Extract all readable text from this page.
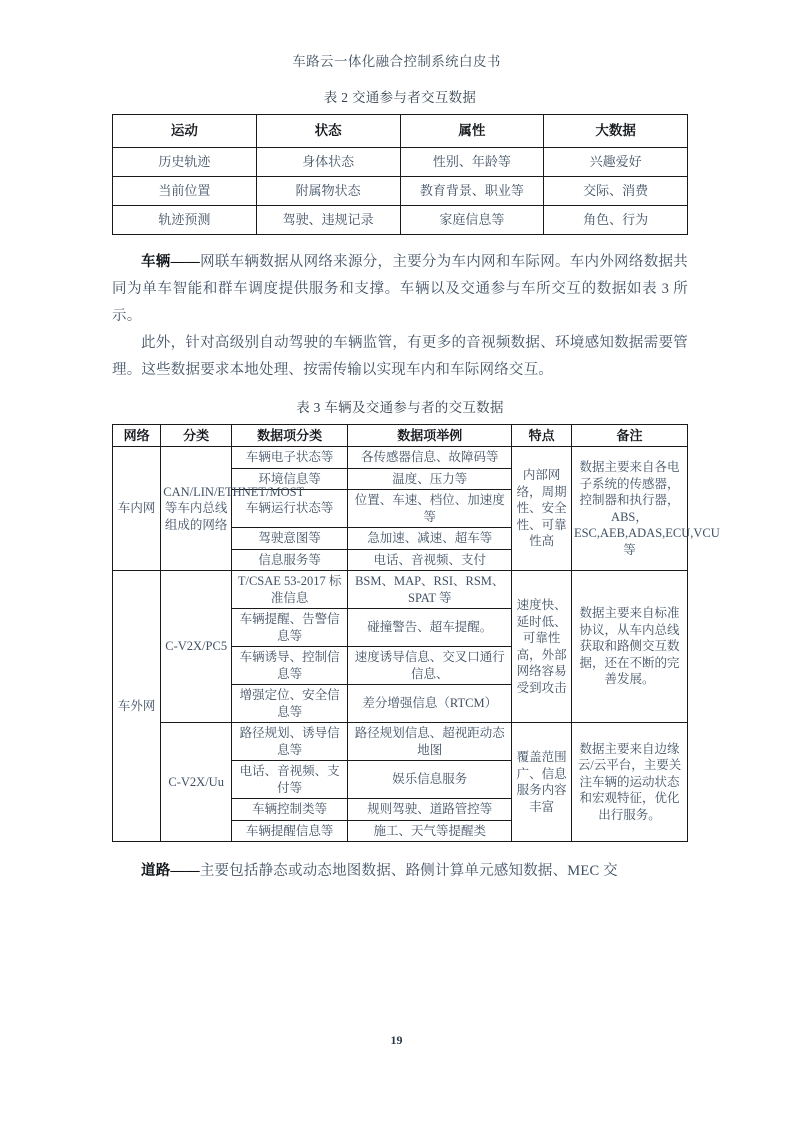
车路云一体化融合控制系统白皮书
表 2 交通参与者交互数据
运动	状态	属性	大数据
历史轨迹	身体状态	性别、年龄等	兴趣爱好
当前位置	附属物状态	教育背景、职业等	交际、消费
轨迹预测	驾驶、违规记录	家庭信息等	角色、行为

车辆——网联车辆数据从网络来源分，主要分为车内网和车际网。车内外网络数据共同为单车智能和群车调度提供服务和支撑。车辆以及交通参与车所交互的数据如表 3 所示。

此外，针对高级别自动驾驶的车辆监管，有更多的音视频数据、环境感知数据需要管理。这些数据要求本地处理、按需传输以实现车内和车际网络交互。

表 3 车辆及交通参与者的交互数据
网络	分类	数据项分类	数据项举例	特点	备注
车内网	CAN/LIN/ETHNET/MOST 等车内总线组成的网络	车辆电子状态等	各传感器信息、故障码等	内部网络，周期性、安全性、可靠性高	数据主要来自各电子系统的传感器，控制器和执行器，ABS，ESC,AEB,ADAS,ECU,VCU 等
		环境信息等	温度、压力等		
		车辆运行状态等	位置、车速、档位、加速度等		
		驾驶意图等	急加速、减速、超车等		
		信息服务等	电话、音视频、支付		
车外网	C-V2X/PC5	T/CSAE 53-2017 标准信息	BSM、MAP、RSI、RSM、SPAT 等	速度快、延时低、可靠性高，外部网络容易受到攻击	数据主要来自标准协议，从车内总线获取和路侧交互数据，还在不断的完善发展。
		车辆提醒、告警信息等	碰撞警告、超车提醒。		
		车辆诱导、控制信息等	速度诱导信息、交叉口通行信息、		
		增强定位、安全信息等	差分增强信息（RTCM）		
	C-V2X/Uu	路径规划、诱导信息等	路径规划信息、超视距动态地图	覆盖范围广、信息服务内容丰富	数据主要来自边缘云/云平台，主要关注车辆的运动状态和宏观特征，优化出行服务。
		电话、音视频、支付等	娱乐信息服务		
		车辆控制类等	规则驾驶、道路管控等		
		车辆提醒信息等	施工、天气等提醒类		

道路——主要包括静态或动态地图数据、路侧计算单元感知数据、MEC 交

19
